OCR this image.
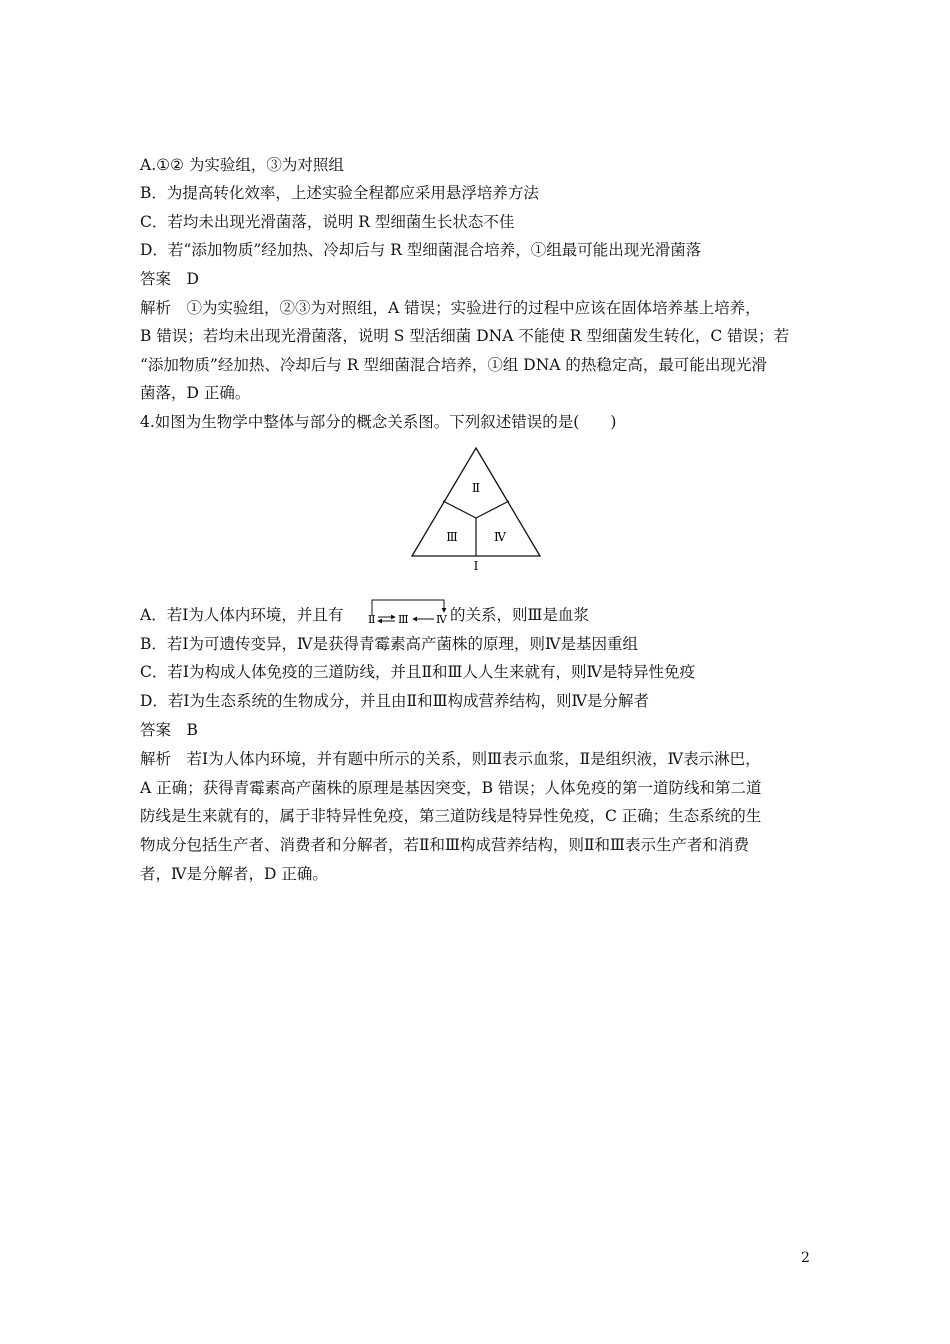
A.①② 为实验组，③为对照组
B．为提高转化效率，上述实验全程都应采用悬浮培养方法
C．若均未出现光滑菌落，说明 R 型细菌生长状态不佳
D．若“添加物质”经加热、冷却后与 R 型细菌混合培养，①组最可能出现光滑菌落
答案　D
解析　①为实验组，②③为对照组，A 错误；实验进行的过程中应该在固体培养基上培养，
B 错误；若均未出现光滑菌落，说明 S 型活细菌 DNA 不能使 R 型细菌发生转化，C 错误；若
“添加物质”经加热、冷却后与 R 型细菌混合培养，①组 DNA 的热稳定高，最可能出现光滑
菌落，D 正确。
4.如图为生物学中整体与部分的概念关系图。下列叙述错误的是(　　)
Ⅱ
Ⅲ	Ⅳ
Ⅰ
A．若Ⅰ为人体内环境，并且有 Ⅱ Ⅲ Ⅳ 的关系，则Ⅲ是血浆
B．若Ⅰ为可遗传变异，Ⅳ是获得青霉素高产菌株的原理，则Ⅳ是基因重组
C．若Ⅰ为构成人体免疫的三道防线，并且Ⅱ和Ⅲ人人生来就有，则Ⅳ是特异性免疫
D．若Ⅰ为生态系统的生物成分，并且由Ⅱ和Ⅲ构成营养结构，则Ⅳ是分解者
答案　B
解析　若Ⅰ为人体内环境，并有题中所示的关系，则Ⅲ表示血浆，Ⅱ是组织液，Ⅳ表示淋巴，
A 正确；获得青霉素高产菌株的原理是基因突变，B 错误；人体免疫的第一道防线和第二道
防线是生来就有的，属于非特异性免疫，第三道防线是特异性免疫，C 正确；生态系统的生
物成分包括生产者、消费者和分解者，若Ⅱ和Ⅲ构成营养结构，则Ⅱ和Ⅲ表示生产者和消费
者，Ⅳ是分解者，D 正确。
2
